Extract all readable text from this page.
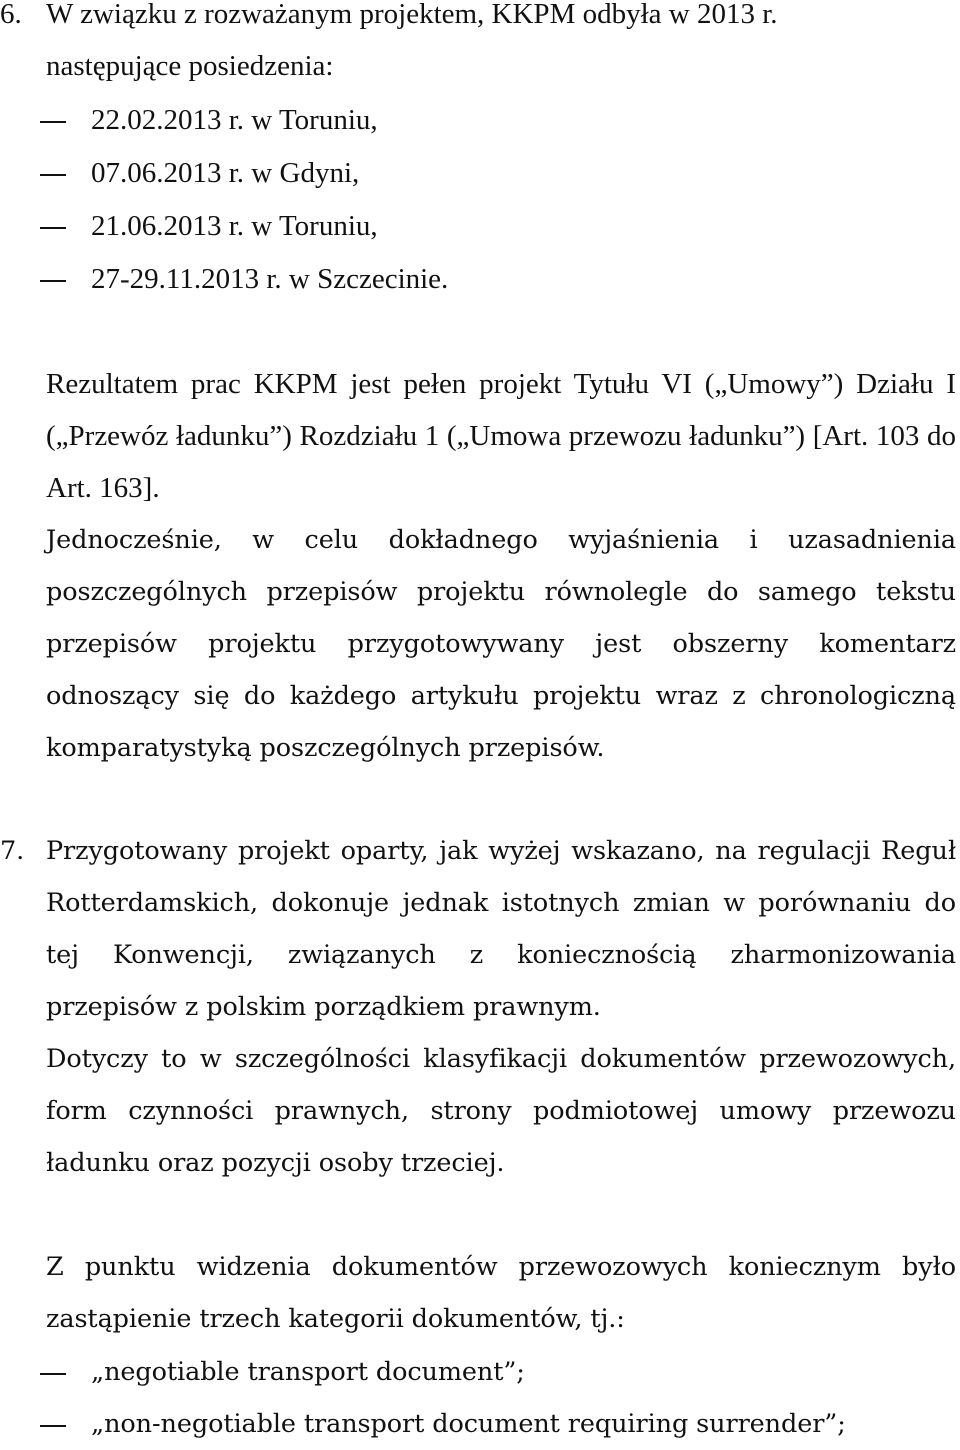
6. W związku z rozważanym projektem, KKPM odbyła w 2013 r.
następujące posiedzenia:
22.02.2013 r. w Toruniu,
07.06.2013 r. w Gdyni,
21.06.2013 r. w Toruniu,
27-29.11.2013 r. w Szczecinie.

Rezultatem prac KKPM jest pełen projekt Tytułu VI („Umowy”) Działu I („Przewóz ładunku”) Rozdziału 1 („Umowa przewozu ładunku”) [Art. 103 do Art. 163].

Jednocześnie, w celu dokładnego wyjaśnienia i uzasadnienia poszczególnych przepisów projektu równolegle do samego tekstu przepisów projektu przygotowywany jest obszerny komentarz odnoszący się do każdego artykułu projektu wraz z chronologiczną komparatystyką poszczególnych przepisów.

7. Przygotowany projekt oparty, jak wyżej wskazano, na regulacji Reguł Rotterdamskich, dokonuje jednak istotnych zmian w porównaniu do tej Konwencji, związanych z koniecznością zharmonizowania przepisów z polskim porządkiem prawnym.

Dotyczy to w szczególności klasyfikacji dokumentów przewozowych, form czynności prawnych, strony podmiotowej umowy przewozu ładunku oraz pozycji osoby trzeciej.

Z punktu widzenia dokumentów przewozowych koniecznym było zastąpienie trzech kategorii dokumentów, tj.:

„negotiable transport document”;
„non-negotiable transport document requiring surrender”;
